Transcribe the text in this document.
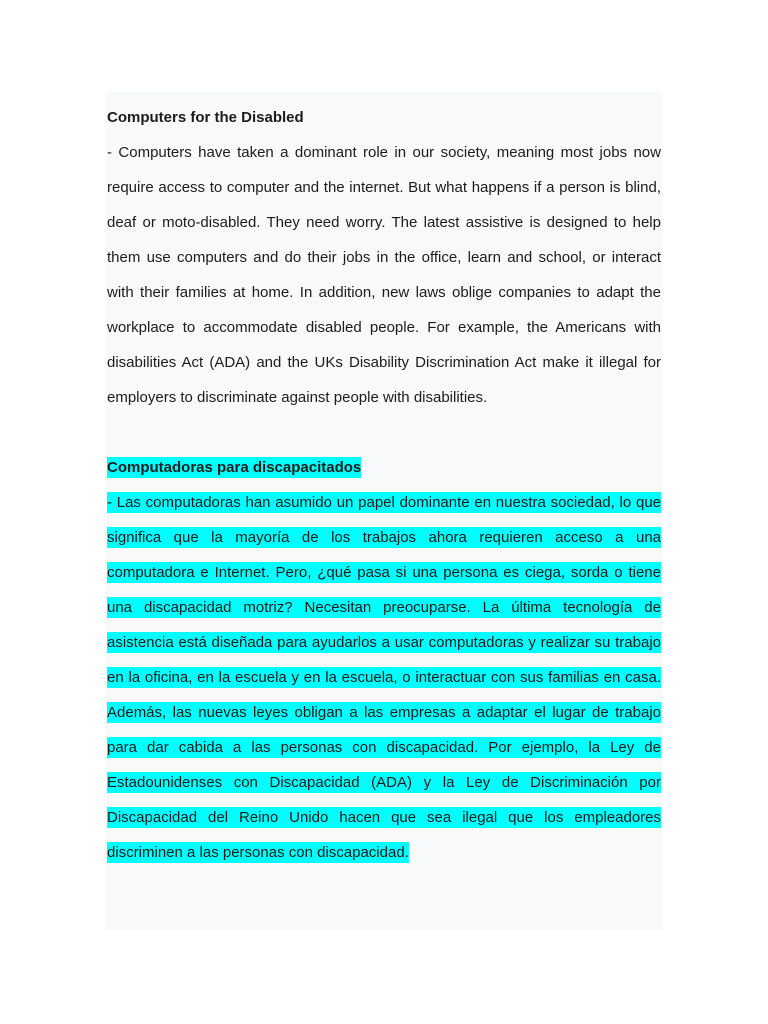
Computers for the Disabled
- Computers have taken a dominant role in our society, meaning most jobs now
require access to computer and the internet. But what happens if a person is blind,
deaf or moto-disabled. They need worry. The latest assistive is designed to help
them use computers and do their jobs in the office, learn and school, or interact
with their families at home. In addition, new laws oblige companies to adapt the
workplace to accommodate disabled people. For example, the Americans with
disabilities Act (ADA) and the UKs Disability Discrimination Act make it illegal for
employers to discriminate against people with disabilities.
Computadoras para discapacitados
- Las computadoras han asumido un papel dominante en nuestra sociedad, lo que
significa que la mayoría de los trabajos ahora requieren acceso a una
computadora e Internet. Pero, ¿qué pasa si una persona es ciega, sorda o tiene
una discapacidad motriz? Necesitan preocuparse. La última tecnología de
asistencia está diseñada para ayudarlos a usar computadoras y realizar su trabajo
en la oficina, en la escuela y en la escuela, o interactuar con sus familias en casa.
Además, las nuevas leyes obligan a las empresas a adaptar el lugar de trabajo
para dar cabida a las personas con discapacidad. Por ejemplo, la Ley de
Estadounidenses con Discapacidad (ADA) y la Ley de Discriminación por
Discapacidad del Reino Unido hacen que sea ilegal que los empleadores
discriminen a las personas con discapacidad.
